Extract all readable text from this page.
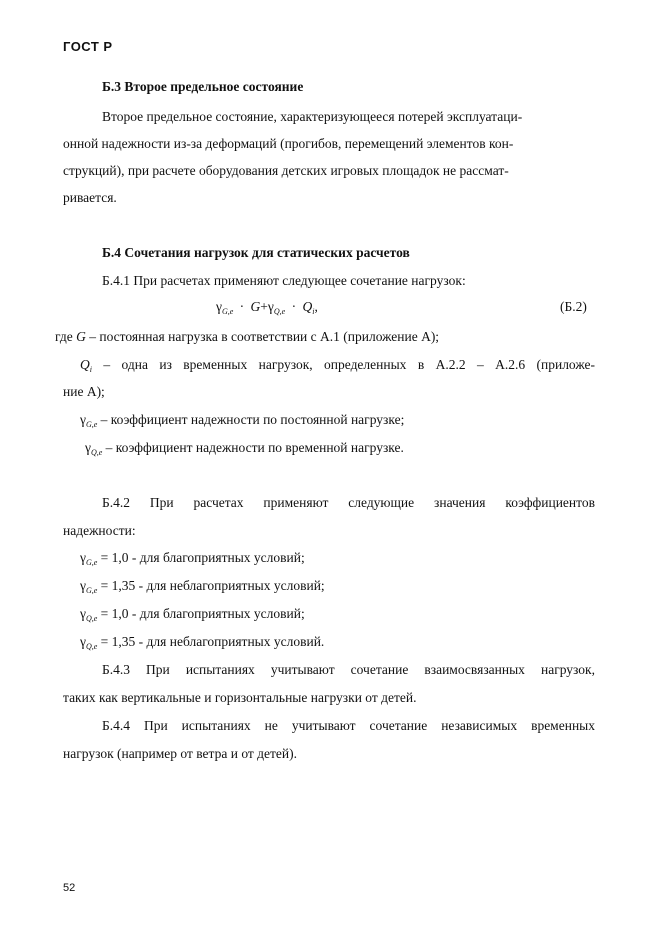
ГОСТ Р
Б.3 Второе предельное состояние
Второе предельное состояние, характеризующееся потерей эксплуатаци-
онной надежности из-за деформаций (прогибов, перемещений элементов кон-
струкций), при расчете оборудования детских игровых площадок не рассмат-
ривается.
Б.4 Сочетания нагрузок для статических расчетов
Б.4.1 При расчетах применяют следующее сочетание нагрузок:
$\gamma_{G,e} \cdot G+\gamma_{Q,e} \cdot Q_i$,	(Б.2)
где G – постоянная нагрузка в соответствии с А.1 (приложение А);
$Q_i$ – одна из временных нагрузок, определенных в А.2.2 – А.2.6 (приложе-
ние А);
$\gamma_{G,e}$ – коэффициент надежности по постоянной нагрузке;
$\gamma_{Q,e}$ – коэффициент надежности по временной нагрузке.
Б.4.2 При расчетах применяют следующие значения коэффициентов
надежности:
$\gamma_{G,e} = 1,0$ - для благоприятных условий;
$\gamma_{G,e} = 1,35$ - для неблагоприятных условий;
$\gamma_{Q,e} = 1,0$ - для благоприятных условий;
$\gamma_{Q,e} = 1,35$ - для неблагоприятных условий.
Б.4.3 При испытаниях учитывают сочетание взаимосвязанных нагрузок,
таких как вертикальные и горизонтальные нагрузки от детей.
Б.4.4 При испытаниях не учитывают сочетание независимых временных
нагрузок (например от ветра и от детей).
52
